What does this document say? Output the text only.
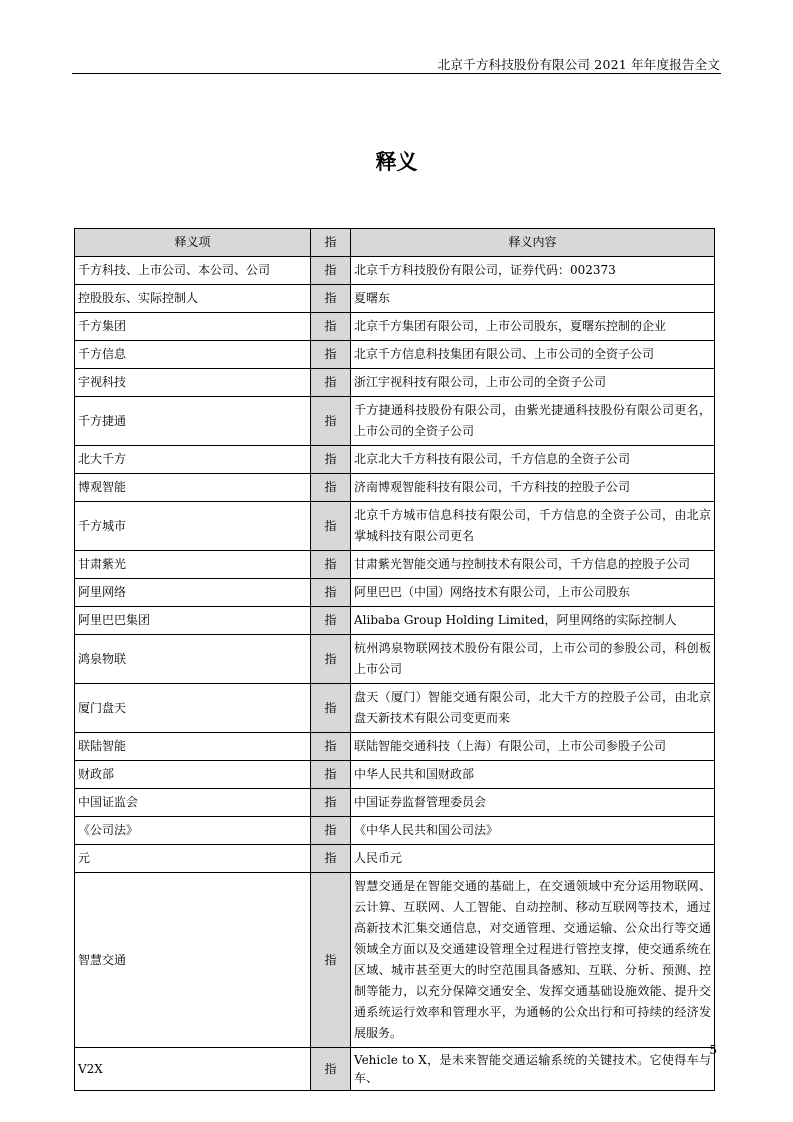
北京千方科技股份有限公司 2021 年年度报告全文
释义
释义项	指	释义内容
千方科技、上市公司、本公司、公司	指	北京千方科技股份有限公司，证券代码：002373
控股股东、实际控制人	指	夏曙东
千方集团	指	北京千方集团有限公司，上市公司股东，夏曙东控制的企业
千方信息	指	北京千方信息科技集团有限公司、上市公司的全资子公司
宇视科技	指	浙江宇视科技有限公司，上市公司的全资子公司
千方捷通	指	千方捷通科技股份有限公司，由紫光捷通科技股份有限公司更名，上市公司的全资子公司
北大千方	指	北京北大千方科技有限公司，千方信息的全资子公司
博观智能	指	济南博观智能科技有限公司，千方科技的控股子公司
千方城市	指	北京千方城市信息科技有限公司，千方信息的全资子公司，由北京掌城科技有限公司更名
甘肃紫光	指	甘肃紫光智能交通与控制技术有限公司，千方信息的控股子公司
阿里网络	指	阿里巴巴（中国）网络技术有限公司，上市公司股东
阿里巴巴集团	指	Alibaba Group Holding Limited，阿里网络的实际控制人
鸿泉物联	指	杭州鸿泉物联网技术股份有限公司，上市公司的参股公司，科创板上市公司
厦门盘天	指	盘天（厦门）智能交通有限公司，北大千方的控股子公司，由北京盘天新技术有限公司变更而来
联陆智能	指	联陆智能交通科技（上海）有限公司，上市公司参股子公司
财政部	指	中华人民共和国财政部
中国证监会	指	中国证券监督管理委员会
《公司法》	指	《中华人民共和国公司法》
元	指	人民币元
智慧交通	指	智慧交通是在智能交通的基础上，在交通领域中充分运用物联网、云计算、互联网、人工智能、自动控制、移动互联网等技术，通过高新技术汇集交通信息，对交通管理、交通运输、公众出行等交通领域全方面以及交通建设管理全过程进行管控支撑，使交通系统在区域、城市甚至更大的时空范围具备感知、互联、分析、预测、控制等能力，以充分保障交通安全、发挥交通基础设施效能、提升交通系统运行效率和管理水平，为通畅的公众出行和可持续的经济发展服务。
V2X	指	Vehicle to X，是未来智能交通运输系统的关键技术。它使得车与车、
5
